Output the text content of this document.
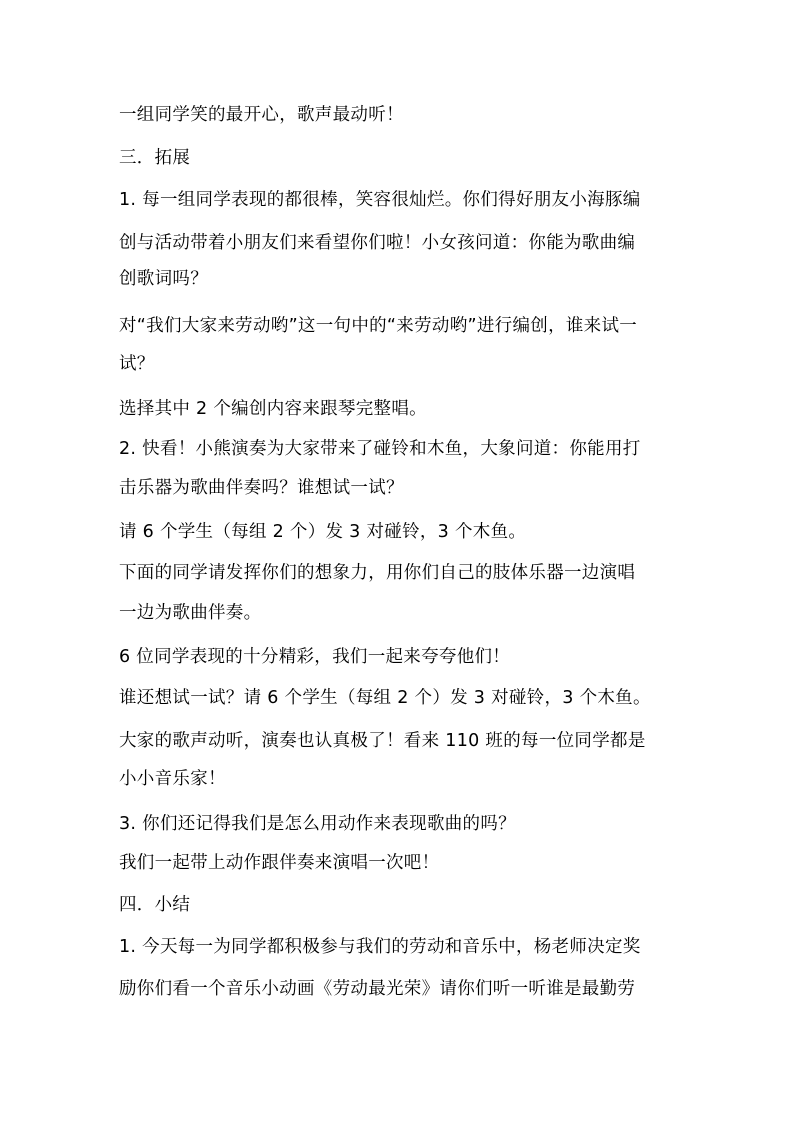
一组同学笑的最开心，歌声最动听！
三．拓展
1. 每一组同学表现的都很棒，笑容很灿烂。你们得好朋友小海豚编
创与活动带着小朋友们来看望你们啦！小女孩问道：你能为歌曲编
创歌词吗？
对“我们大家来劳动哟”这一句中的“来劳动哟”进行编创，谁来试一
试？
选择其中 2 个编创内容来跟琴完整唱。
2. 快看！小熊演奏为大家带来了碰铃和木鱼，大象问道：你能用打
击乐器为歌曲伴奏吗？谁想试一试？
请 6 个学生（每组 2 个）发 3 对碰铃，3 个木鱼。
下面的同学请发挥你们的想象力，用你们自己的肢体乐器一边演唱
一边为歌曲伴奏。
6 位同学表现的十分精彩，我们一起来夸夸他们！
谁还想试一试？请 6 个学生（每组 2 个）发 3 对碰铃，3 个木鱼。
大家的歌声动听，演奏也认真极了！看来 110 班的每一位同学都是
小小音乐家！
3. 你们还记得我们是怎么用动作来表现歌曲的吗？
我们一起带上动作跟伴奏来演唱一次吧！
四．小结
1. 今天每一为同学都积极参与我们的劳动和音乐中，杨老师决定奖
励你们看一个音乐小动画《劳动最光荣》请你们听一听谁是最勤劳
